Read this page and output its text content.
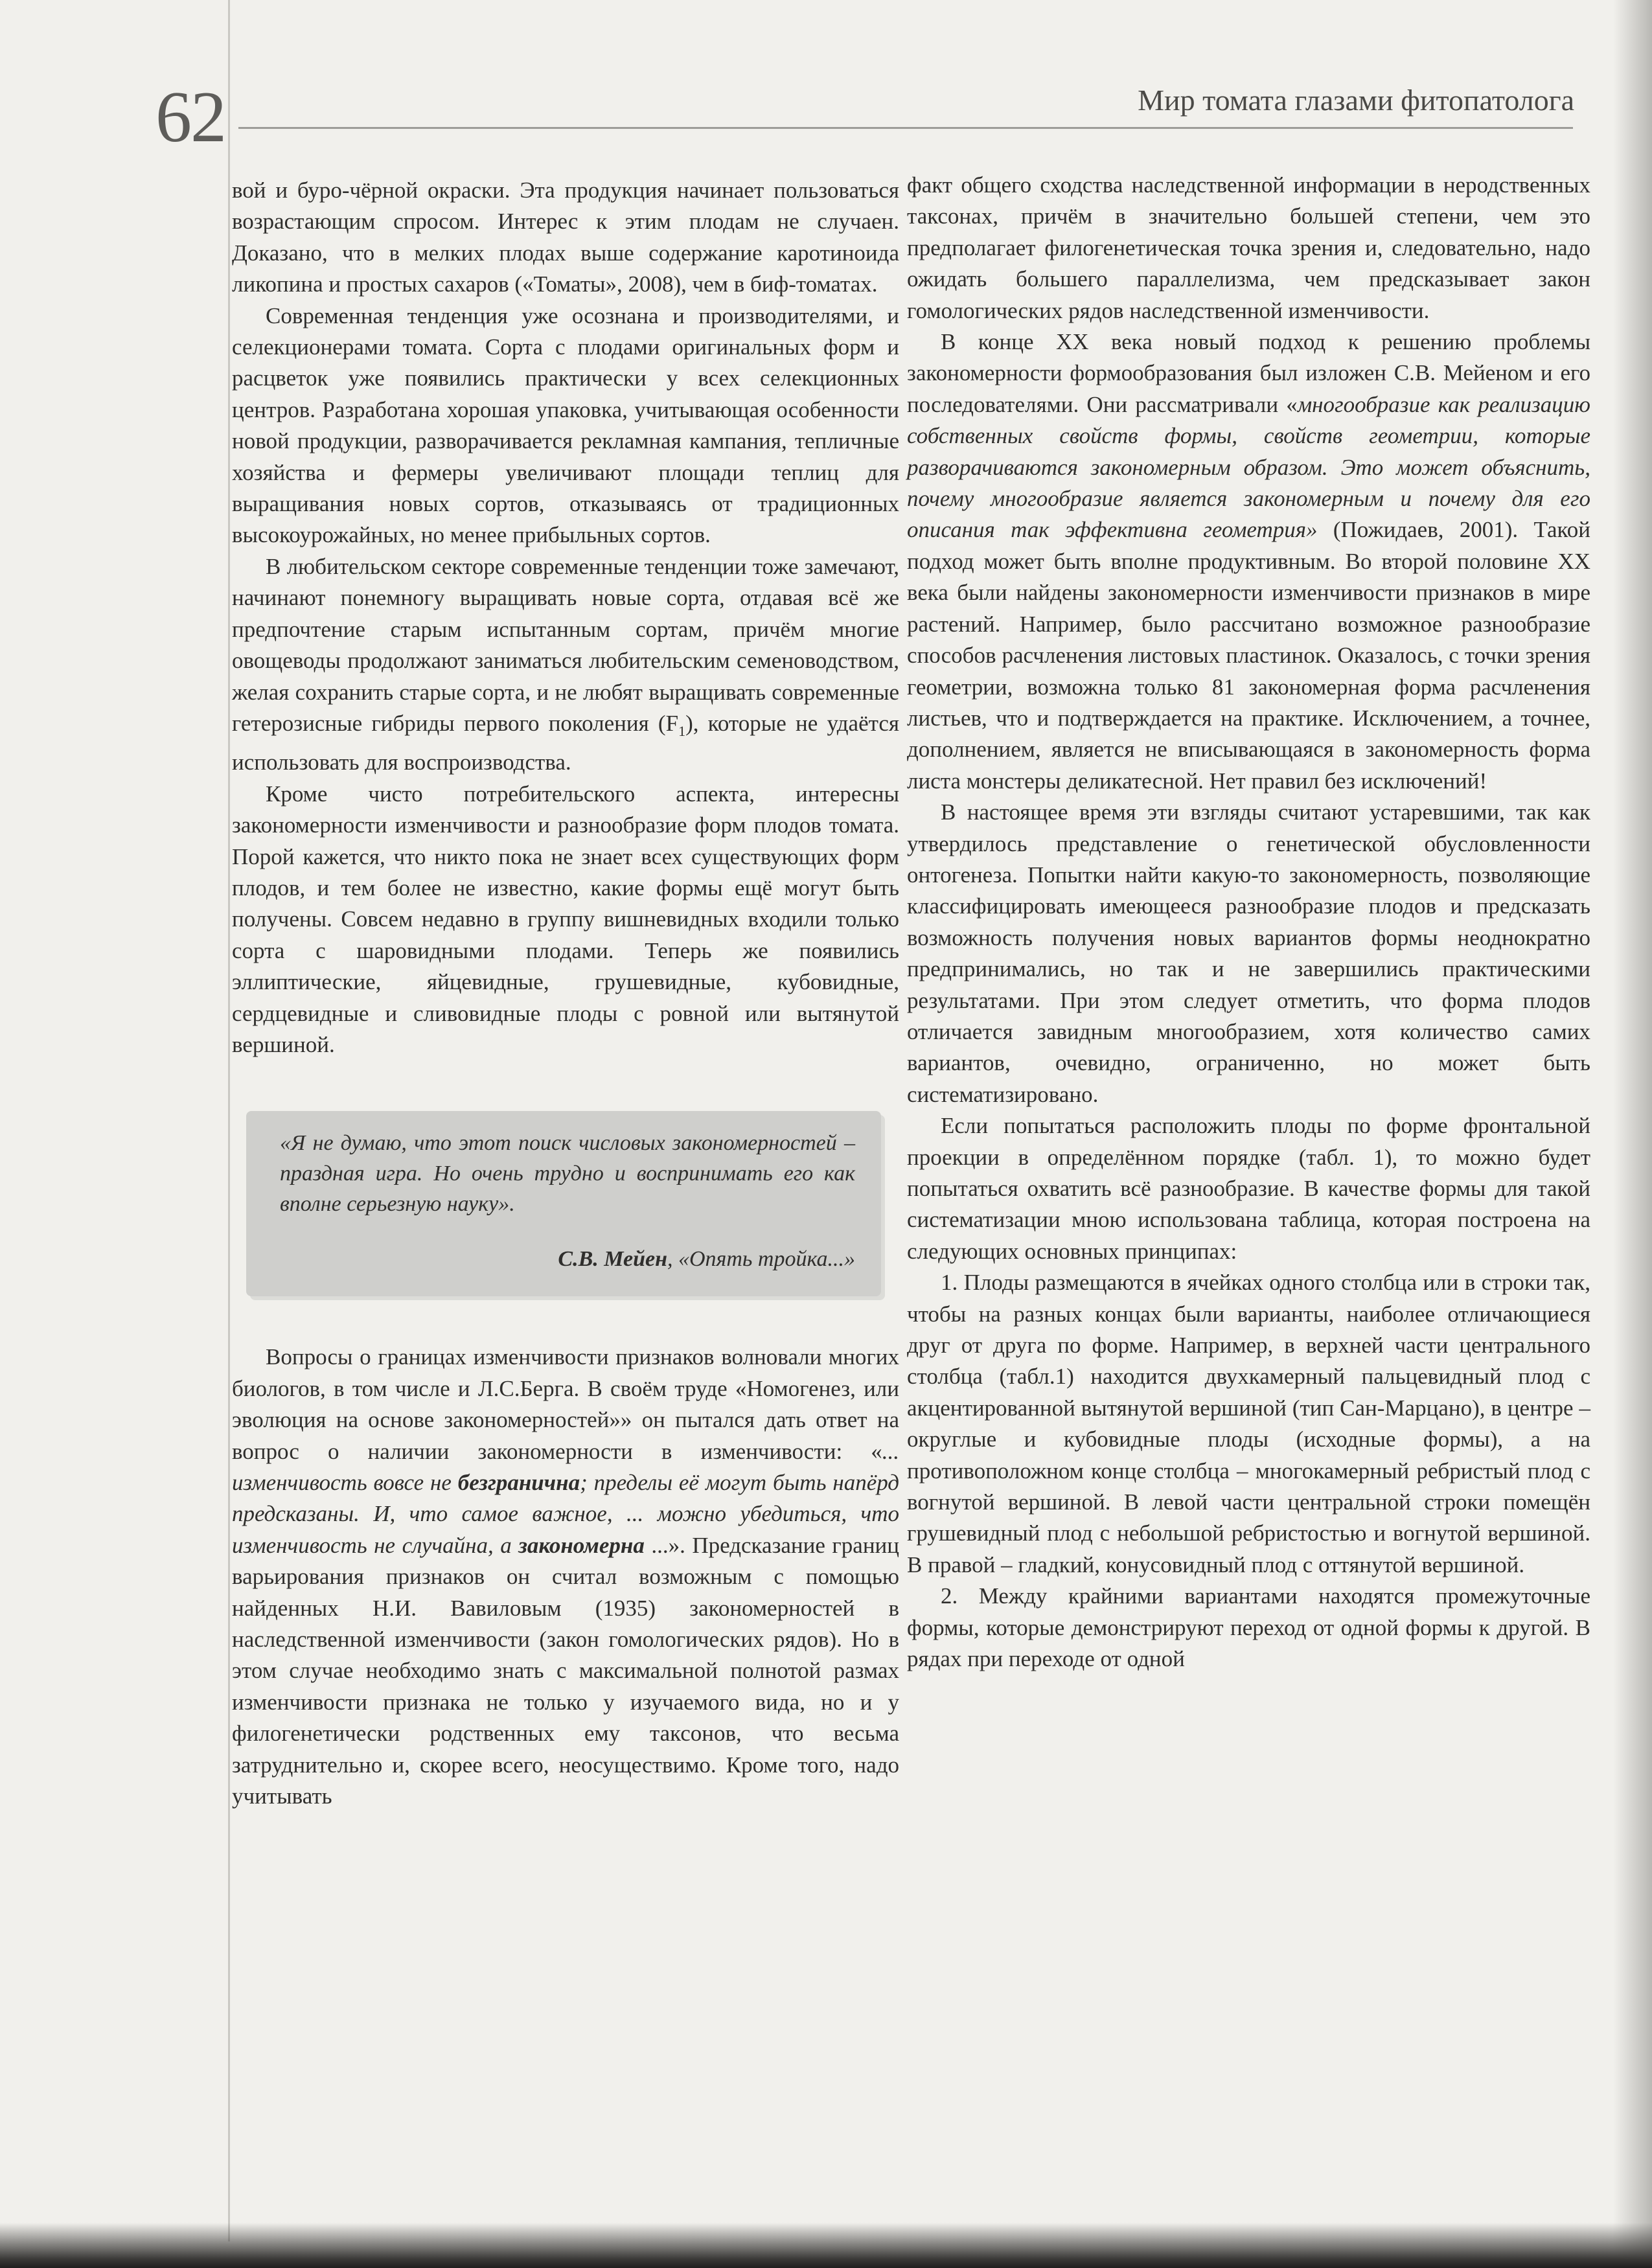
62	Мир томата глазами фитопатолога

вой и буро-чёрной окраски. Эта продукция начинает пользоваться возрастающим спросом. Интерес к этим плодам не случаен. Доказано, что в мелких плодах выше содержание каротиноида ликопина и простых сахаров («Томаты», 2008), чем в биф-томатах.

Современная тенденция уже осознана и производителями, и селекционерами томата. Сорта с плодами оригинальных форм и расцветок уже появились практически у всех селекционных центров. Разработана хорошая упаковка, учитывающая особенности новой продукции, разворачивается рекламная кампания, тепличные хозяйства и фермеры увеличивают площади теплиц для выращивания новых сортов, отказываясь от традиционных высокоурожайных, но менее прибыльных сортов.

В любительском секторе современные тенденции тоже замечают, начинают понемногу выращивать новые сорта, отдавая всё же предпочтение старым испытанным сортам, причём многие овощеводы продолжают заниматься любительским семеноводством, желая сохранить старые сорта, и не любят выращивать современные гетерозисные гибриды первого поколения $(F_1)$, которые не удаётся использовать для воспроизводства.

Кроме чисто потребительского аспекта, интересны закономерности изменчивости и разнообразие форм плодов томата. Порой кажется, что никто пока не знает всех существующих форм плодов, и тем более не известно, какие формы ещё могут быть получены. Совсем недавно в группу вишневидных входили только сорта с шаровидными плодами. Теперь же появились эллиптические, яйцевидные, грушевидные, кубовидные, сердцевидные и сливовидные плоды с ровной или вытянутой вершиной.

«Я не думаю, что этот поиск числовых закономерностей – праздная игра. Но очень трудно и воспринимать его как вполне серьезную науку».
С.В. Мейен, «Опять тройка...»

Вопросы о границах изменчивости признаков волновали многих биологов, в том числе и Л.С.Берга. В своём труде «Номогенез, или эволюция на основе закономерностей»» он пытался дать ответ на вопрос о наличии закономерности в изменчивости: «... изменчивость вовсе не безгранична; пределы её могут быть напёрд предсказаны. И, что самое важное, ... можно убедиться, что изменчивость не случайна, а закономерна ...». Предсказание границ варьирования признаков он считал возможным с помощью найденных Н.И. Вавиловым (1935) закономерностей в наследственной изменчивости (закон гомологических рядов). Но в этом случае необходимо знать с максимальной полнотой размах изменчивости признака не только у изучаемого вида, но и у филогенетически родственных ему таксонов, что весьма затруднительно и, скорее всего, неосуществимо. Кроме того, надо учитывать

факт общего сходства наследственной информации в неродственных таксонах, причём в значительно большей степени, чем это предполагает филогенетическая точка зрения и, следовательно, надо ожидать большего параллелизма, чем предсказывает закон гомологических рядов наследственной изменчивости.

В конце XX века новый подход к решению проблемы закономерности формообразования был изложен С.В. Мейеном и его последователями. Они рассматривали «многообразие как реализацию собственных свойств формы, свойств геометрии, которые разворачиваются закономерным образом. Это может объяснить, почему многообразие является закономерным и почему для его описания так эффективна геометрия» (Пожидаев, 2001). Такой подход может быть вполне продуктивным. Во второй половине XX века были найдены закономерности изменчивости признаков в мире растений. Например, было рассчитано возможное разнообразие способов расчленения листовых пластинок. Оказалось, с точки зрения геометрии, возможна только 81 закономерная форма расчленения листьев, что и подтверждается на практике. Исключением, а точнее, дополнением, является не вписывающаяся в закономерность форма листа монстеры деликатесной. Нет правил без исключений!

В настоящее время эти взгляды считают устаревшими, так как утвердилось представление о генетической обусловленности онтогенеза. Попытки найти какую-то закономерность, позволяющие классифицировать имеющееся разнообразие плодов и предсказать возможность получения новых вариантов формы неоднократно предпринимались, но так и не завершились практическими результатами. При этом следует отметить, что форма плодов отличается завидным многообразием, хотя количество самих вариантов, очевидно, ограниченно, но может быть систематизировано.

Если попытаться расположить плоды по форме фронтальной проекции в определённом порядке (табл. 1), то можно будет попытаться охватить всё разнообразие. В качестве формы для такой систематизации мною использована таблица, которая построена на следующих основных принципах:

1. Плоды размещаются в ячейках одного столбца или в строки так, чтобы на разных концах были варианты, наиболее отличающиеся друг от друга по форме. Например, в верхней части центрального столбца (табл.1) находится двухкамерный пальцевидный плод с акцентированной вытянутой вершиной (тип Сан-Марцано), в центре – округлые и кубовидные плоды (исходные формы), а на противоположном конце столбца – многокамерный ребристый плод с вогнутой вершиной. В левой части центральной строки помещён грушевидный плод с небольшой ребристостью и вогнутой вершиной. В правой – гладкий, конусовидный плод с оттянутой вершиной.

2. Между крайними вариантами находятся промежуточные формы, которые демонстрируют переход от одной формы к другой. В рядах при переходе от одной
